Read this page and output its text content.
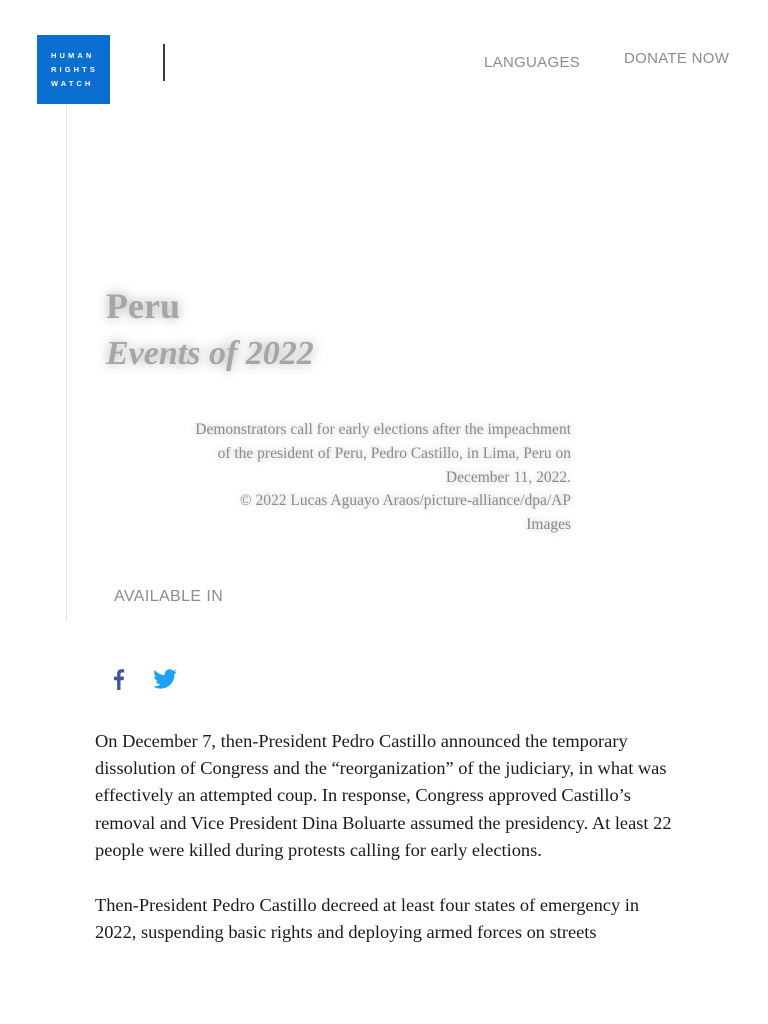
HUMAN
RIGHTS
WATCH
LANGUAGES	DONATE NOW
Peru
Events of 2022

Demonstrators call for early elections after the impeachment of the president of Peru, Pedro Castillo, in Lima, Peru on December 11, 2022.

© 2022 Lucas Aguayo Araos/picture-alliance/dpa/AP Images

AVAILABLE IN

On December 7, then-President Pedro Castillo announced the temporary dissolution of Congress and the “reorganization” of the judiciary, in what was effectively an attempted coup. In response, Congress approved Castillo’s removal and Vice President Dina Boluarte assumed the presidency. At least 22 people were killed during protests calling for early elections.

Then-President Pedro Castillo decreed at least four states of emergency in 2022, suspending basic rights and deploying armed forces on streets
